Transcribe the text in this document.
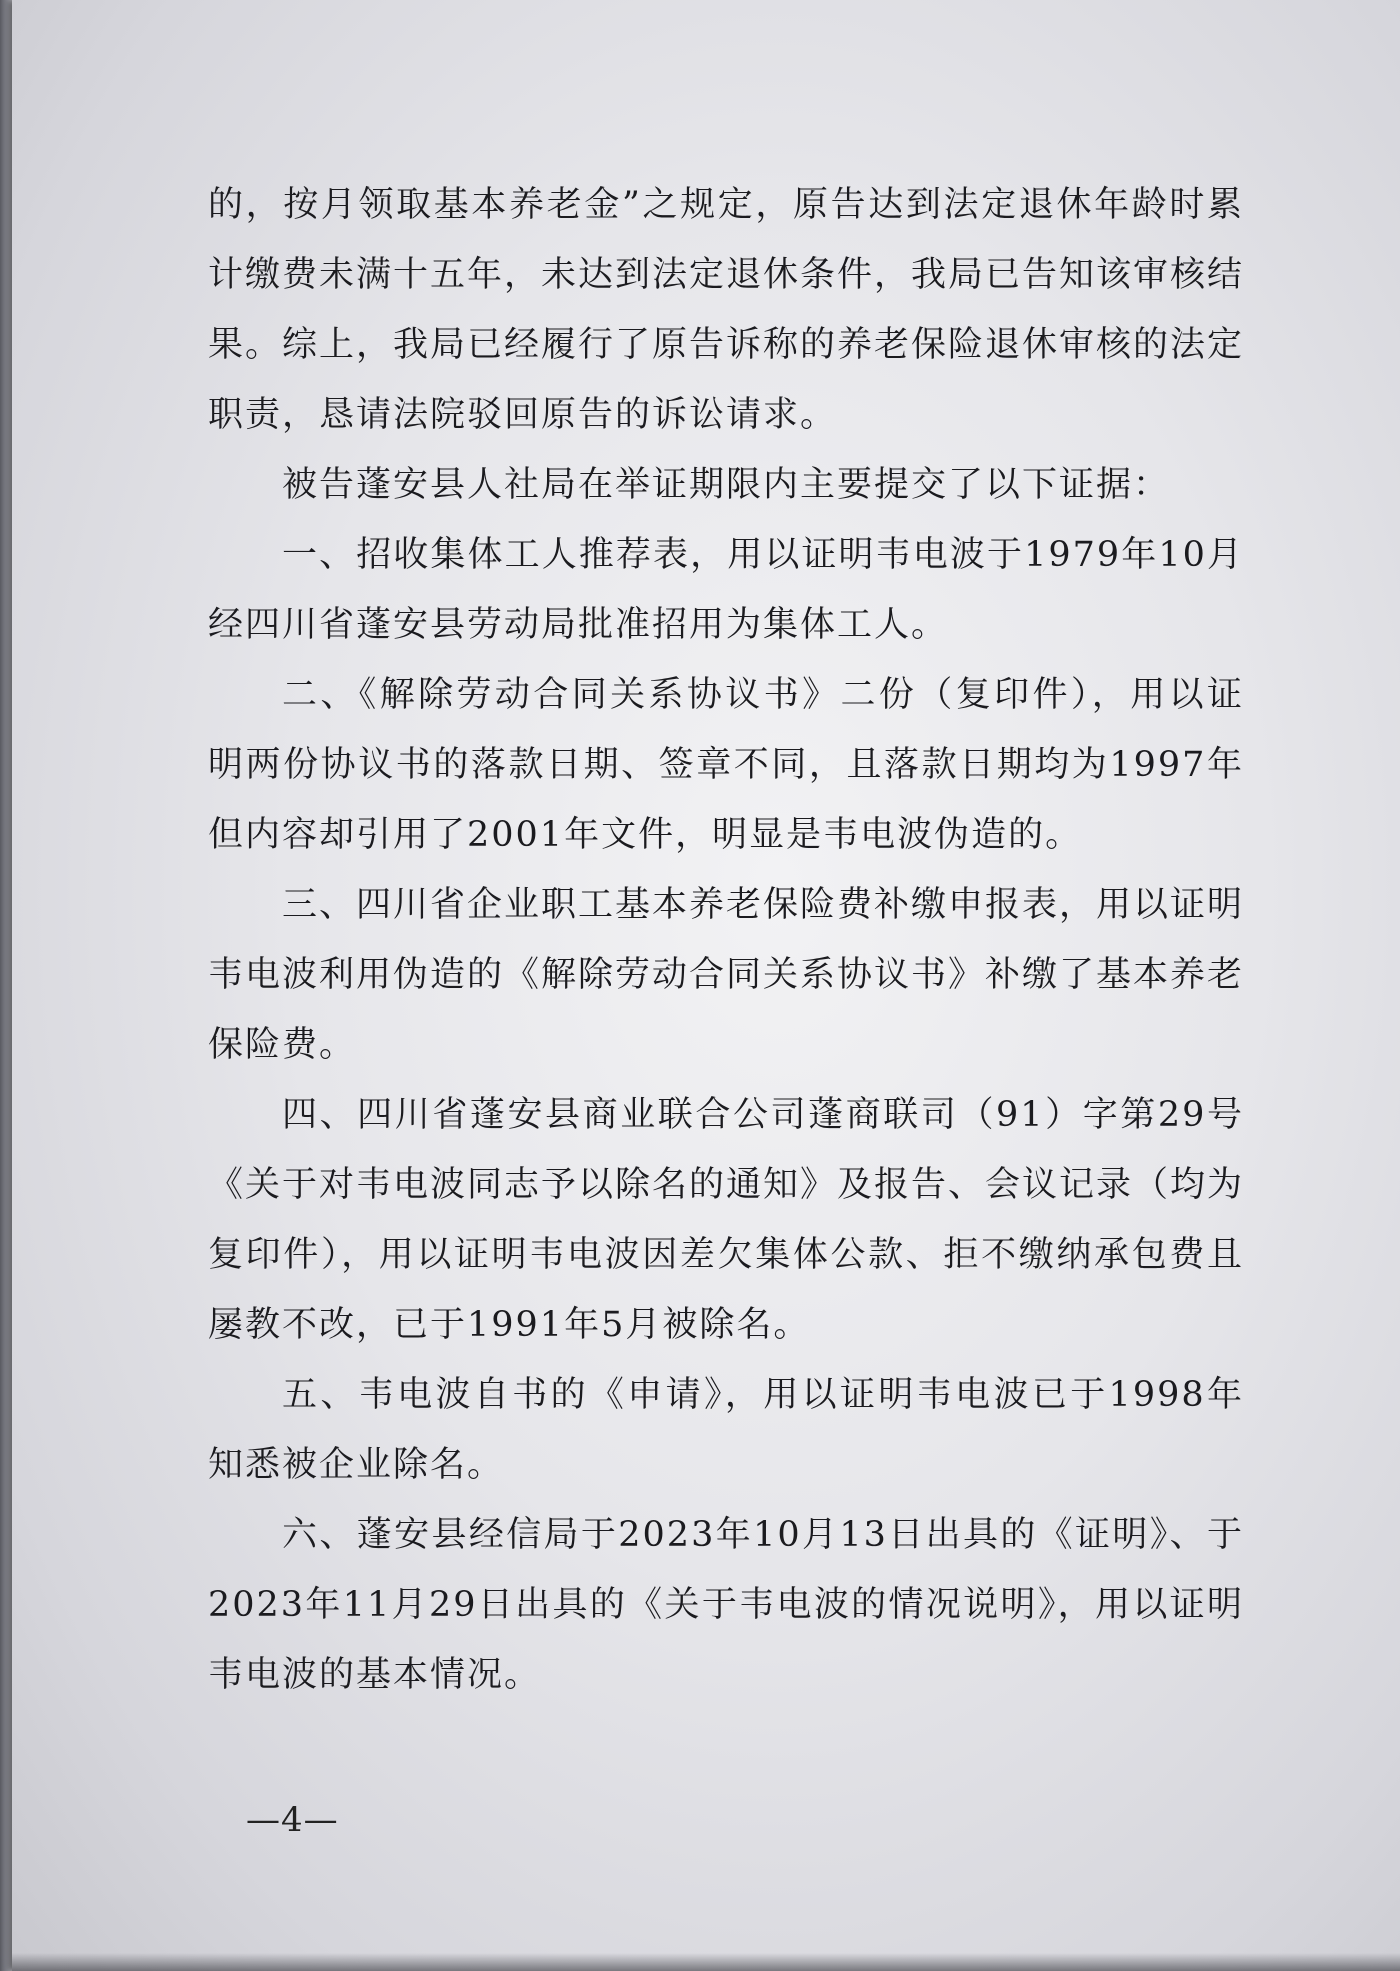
的，按月领取基本养老金”之规定，原告达到法定退休年龄时累计缴费未满十五年，未达到法定退休条件，我局已告知该审核结果。综上，我局已经履行了原告诉称的养老保险退休审核的法定职责，恳请法院驳回原告的诉讼请求。

被告蓬安县人社局在举证期限内主要提交了以下证据：

一、招收集体工人推荐表，用以证明韦电波于1979年10月经四川省蓬安县劳动局批准招用为集体工人。

二、《解除劳动合同关系协议书》二份（复印件），用以证明两份协议书的落款日期、签章不同，且落款日期均为1997年但内容却引用了2001年文件，明显是韦电波伪造的。

三、四川省企业职工基本养老保险费补缴申报表，用以证明韦电波利用伪造的《解除劳动合同关系协议书》补缴了基本养老保险费。

四、四川省蓬安县商业联合公司蓬商联司（91）字第29号《关于对韦电波同志予以除名的通知》及报告、会议记录（均为复印件），用以证明韦电波因差欠集体公款、拒不缴纳承包费且屡教不改，已于1991年5月被除名。

五、韦电波自书的《申请》，用以证明韦电波已于1998年知悉被企业除名。

六、蓬安县经信局于2023年10月13日出具的《证明》、于2023年11月29日出具的《关于韦电波的情况说明》，用以证明韦电波的基本情况。

—4—
